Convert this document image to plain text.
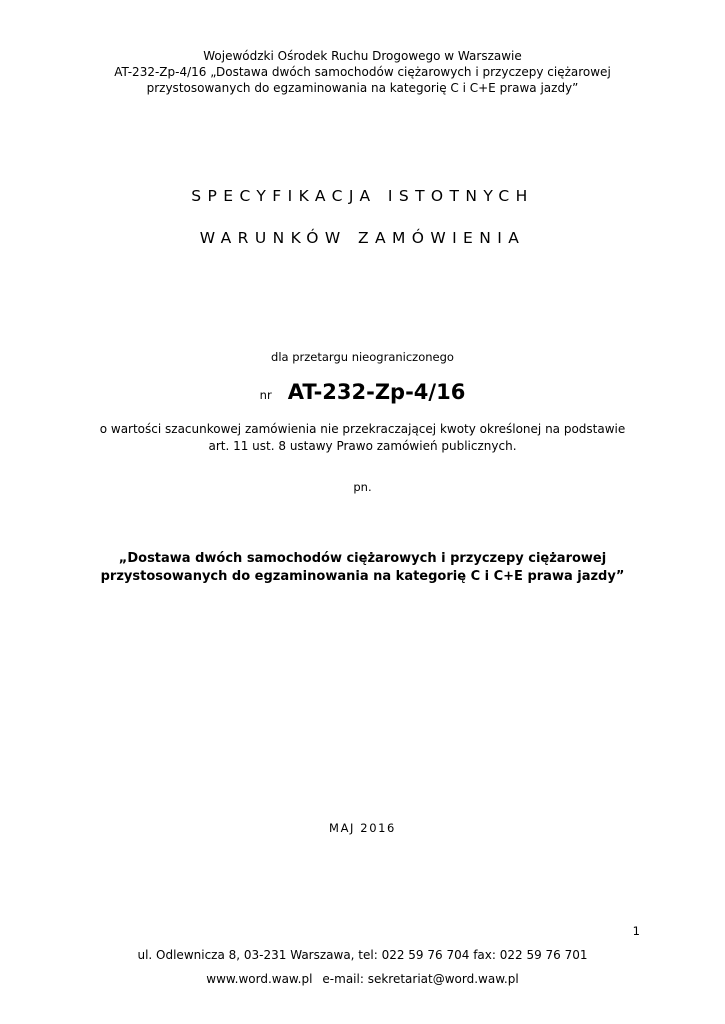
Wojewódzki Ośrodek Ruchu Drogowego w Warszawie
AT-232-Zp-4/16 „Dostawa dwóch samochodów ciężarowych i przyczepy ciężarowej
przystosowanych do egzaminowania na kategorię C i C+E prawa jazdy”
SPECYFIKACJA ISTOTNYCH
WARUNKÓW ZAMÓWIENIA
dla przetargu nieograniczonego
nr AT-232-Zp-4/16
o wartości szacunkowej zamówienia nie przekraczającej kwoty określonej na podstawie
art. 11 ust. 8 ustawy Prawo zamówień publicznych.
pn.
„Dostawa dwóch samochodów ciężarowych i przyczepy ciężarowej
przystosowanych do egzaminowania na kategorię C i C+E prawa jazdy”
MAJ 2016
1
ul. Odlewnicza 8, 03-231 Warszawa, tel: 022 59 76 704 fax: 022 59 76 701
www.word.waw.pl e-mail: sekretariat@word.waw.pl
